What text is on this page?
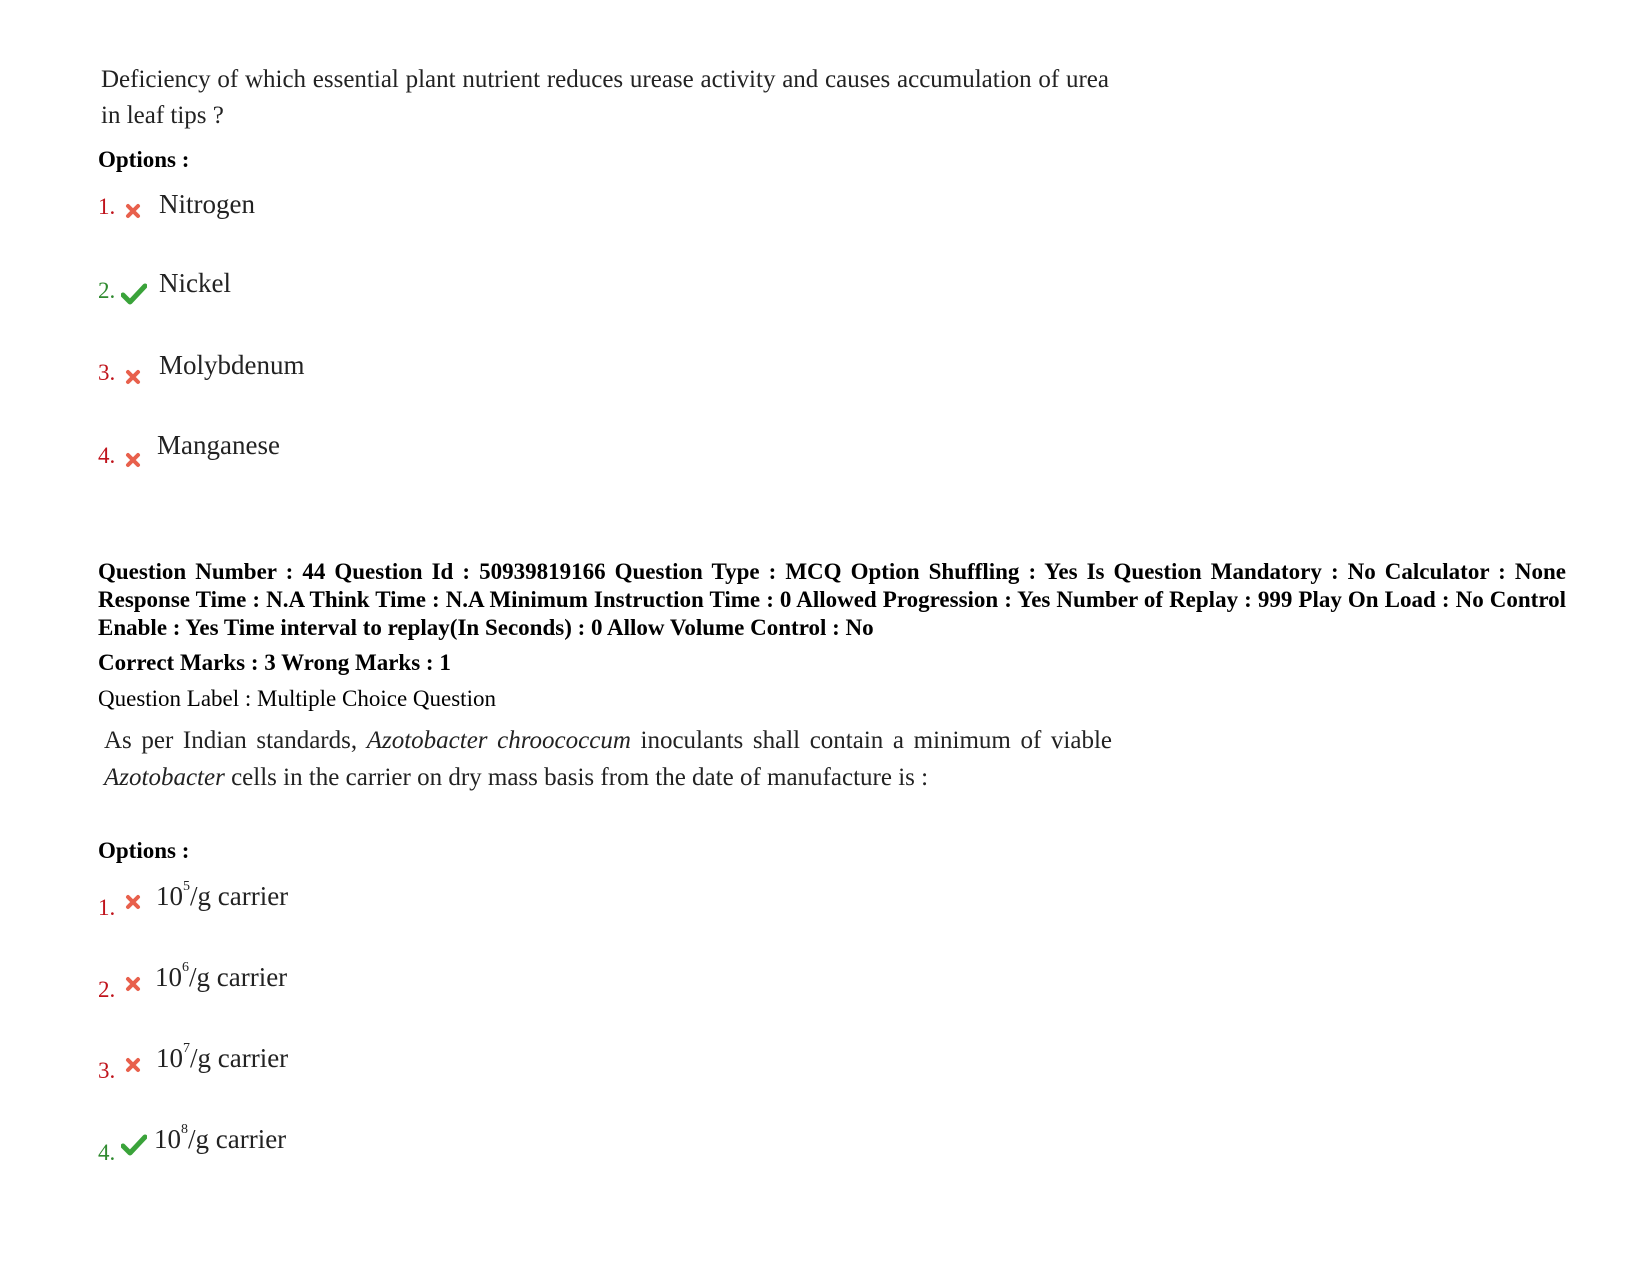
Deficiency of which essential plant nutrient reduces urease activity and causes accumulation of urea in leaf tips ?
Options :
1. Nitrogen
2. Nickel
3. Molybdenum
4. Manganese
Question Number : 44 Question Id : 50939819166 Question Type : MCQ Option Shuffling : Yes Is Question Mandatory : No Calculator : None Response Time : N.A Think Time : N.A Minimum Instruction Time : 0 Allowed Progression : Yes Number of Replay : 999 Play On Load : No Control Enable : Yes Time interval to replay(In Seconds) : 0 Allow Volume Control : No
Correct Marks : 3 Wrong Marks : 1
Question Label : Multiple Choice Question
As per Indian standards, Azotobacter chroococcum inoculants shall contain a minimum of viable Azotobacter cells in the carrier on dry mass basis from the date of manufacture is :
Options :
1. $10^5/g$ carrier
2. $10^6/g$ carrier
3. $10^7/g$ carrier
4. $10^8/g$ carrier
